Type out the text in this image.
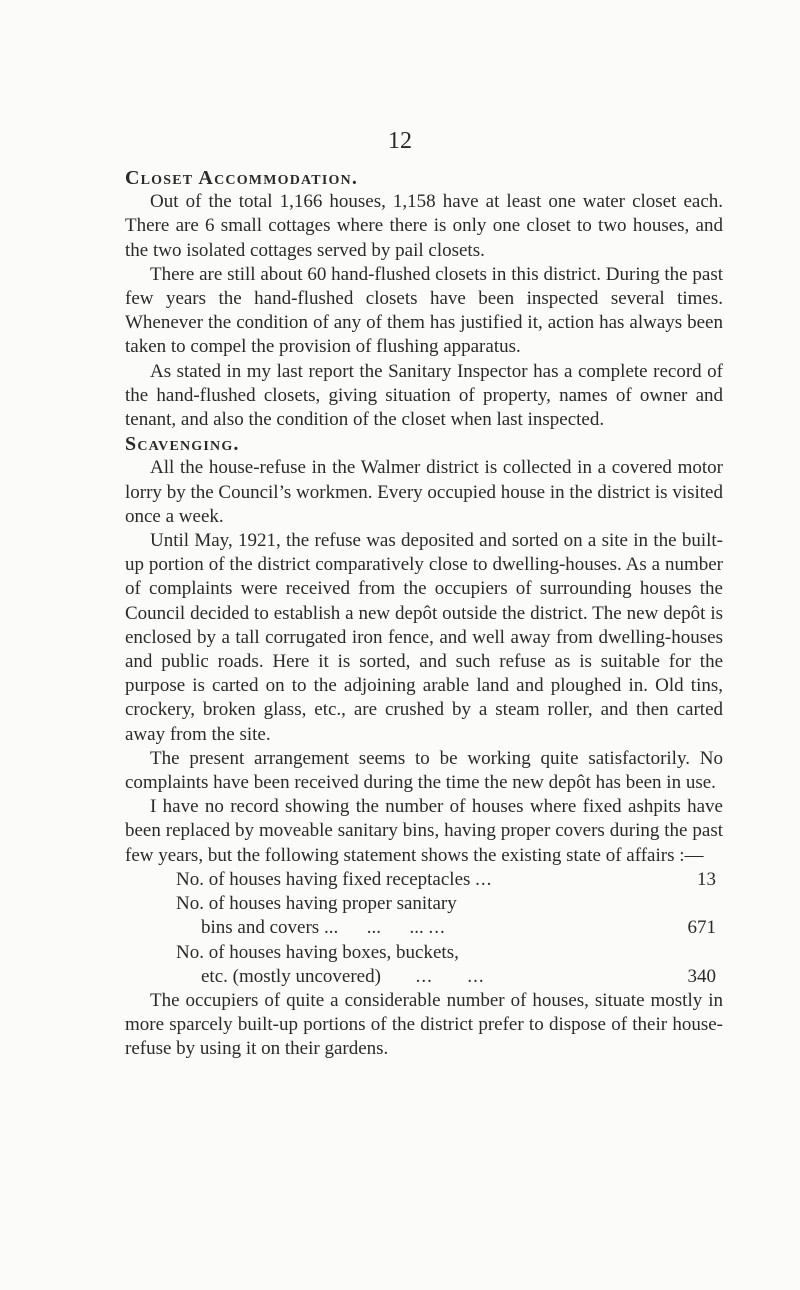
12
Closet Accommodation.

Out of the total 1,166 houses, 1,158 have at least one water closet each. There are 6 small cottages where there is only one closet to two houses, and the two isolated cottages served by pail closets.

There are still about 60 hand-flushed closets in this district. During the past few years the hand-flushed closets have been inspected several times. Whenever the condition of any of them has justified it, action has always been taken to compel the provision of flushing apparatus.

As stated in my last report the Sanitary Inspector has a complete record of the hand-flushed closets, giving situation of property, names of owner and tenant, and also the condition of the closet when last inspected.

Scavenging.

All the house-refuse in the Walmer district is collected in a covered motor lorry by the Council’s workmen. Every occupied house in the district is visited once a week.

Until May, 1921, the refuse was deposited and sorted on a site in the built-up portion of the district comparatively close to dwelling-houses. As a number of complaints were received from the occupiers of surrounding houses the Council decided to establish a new depôt outside the district. The new depôt is enclosed by a tall corrugated iron fence, and well away from dwelling-houses and public roads. Here it is sorted, and such refuse as is suitable for the purpose is carted on to the adjoining arable land and ploughed in. Old tins, crockery, broken glass, etc., are crushed by a steam roller, and then carted away from the site.

The present arrangement seems to be working quite satisfactorily. No complaints have been received during the time the new depôt has been in use.

I have no record showing the number of houses where fixed ashpits have been replaced by moveable sanitary bins, having proper covers during the past few years, but the following statement shows the existing state of affairs :—

No. of houses having fixed receptacles ...	13
No. of houses having proper sanitary
bins and covers ...      ...      ... ...	671
No. of houses having boxes, buckets,
etc. (mostly uncovered) ...      ...	340

The occupiers of quite a considerable number of houses, situate mostly in more sparcely built-up portions of the district prefer to dispose of their house-refuse by using it on their gardens.
